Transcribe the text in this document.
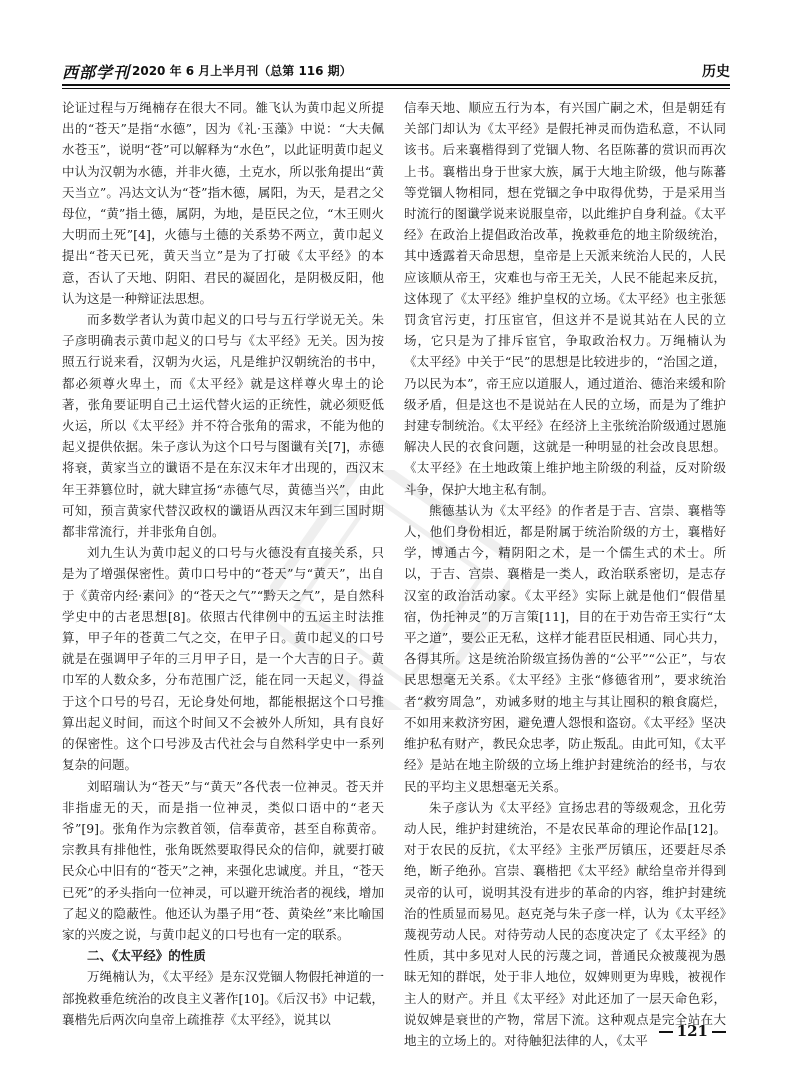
西部学刊 2020 年 6 月上半月刊（总第 116 期）	历史

论证过程与万绳楠存在很大不同。雒飞认为黄巾起义所提出的“苍天”是指“水德”，因为《礼·玉藻》中说：“大夫佩水苍玉”，说明“苍”可以解释为“水色”，以此证明黄巾起义中认为汉朝为水德，并非火德，土克水，所以张角提出“黄天当立”。冯达文认为“苍”指木德，属阳，为天，是君之父母位，“黄”指土德，属阴，为地，是臣民之位，“木王则火大明而土死”[4]，火德与土德的关系势不两立，黄巾起义提出“苍天已死，黄天当立”是为了打破《太平经》的本意，否认了天地、阴阳、君民的凝固化，是阴极反阳，他认为这是一种辩证法思想。

而多数学者认为黄巾起义的口号与五行学说无关。朱子彦明确表示黄巾起义的口号与《太平经》无关。因为按照五行说来看，汉朝为火运，凡是维护汉朝统治的书中，都必须尊火卑土，而《太平经》就是这样尊火卑土的论著，张角要证明自己土运代替火运的正统性，就必须贬低火运，所以《太平经》并不符合张角的需求，不能为他的起义提供依据。朱子彦认为这个口号与图谶有关[7]，赤德将衰，黄家当立的谶语不是在东汉末年才出现的，西汉末年王莽篡位时，就大肆宣扬“赤德气尽，黄德当兴”，由此可知，预言黄家代替汉政权的谶语从西汉末年到三国时期都非常流行，并非张角自创。

刘九生认为黄巾起义的口号与火德没有直接关系，只是为了增强保密性。黄巾口号中的“苍天”与“黄天”，出自于《黄帝内经·素问》的“苍天之气”“黔天之气”，是自然科学史中的古老思想[8]。依照古代律例中的五运主时法推算，甲子年的苍黄二气之交，在甲子日。黄巾起义的口号就是在强调甲子年的三月甲子日，是一个大吉的日子。黄巾军的人数众多，分布范围广泛，能在同一天起义，得益于这个口号的号召，无论身处何地，都能根据这个口号推算出起义时间，而这个时间又不会被外人所知，具有良好的保密性。这个口号涉及古代社会与自然科学史中一系列复杂的问题。

刘昭瑞认为“苍天”与“黄天”各代表一位神灵。苍天并非指虚无的天，而是指一位神灵，类似口语中的“老天爷”[9]。张角作为宗教首领，信奉黄帝，甚至自称黄帝。宗教具有排他性，张角既然要取得民众的信仰，就要打破民众心中旧有的“苍天”之神，来强化忠诚度。并且，“苍天已死”的矛头指向一位神灵，可以避开统治者的视线，增加了起义的隐蔽性。他还认为墨子用“苍、黄染丝”来比喻国家的兴废之说，与黄巾起义的口号也有一定的联系。

二、《太平经》的性质

万绳楠认为，《太平经》是东汉党锢人物假托神道的一部挽救垂危统治的改良主义著作[10]。《后汉书》中记载，襄楷先后两次向皇帝上疏推荐《太平经》，说其以

信奉天地、顺应五行为本，有兴国广嗣之术，但是朝廷有关部门却认为《太平经》是假托神灵而伪造私意，不认同该书。后来襄楷得到了党锢人物、名臣陈蕃的赏识而再次上书。襄楷出身于世家大族，属于大地主阶级，他与陈蕃等党锢人物相同，想在党锢之争中取得优势，于是采用当时流行的图谶学说来说服皇帝，以此维护自身利益。《太平经》在政治上提倡政治改革，挽救垂危的地主阶级统治，其中透露着天命思想，皇帝是上天派来统治人民的，人民应该顺从帝王，灾难也与帝王无关，人民不能起来反抗，这体现了《太平经》维护皇权的立场。《太平经》也主张惩罚贪官污吏，打压宦官，但这并不是说其站在人民的立场，它只是为了排斥宦官，争取政治权力。万绳楠认为《太平经》中关于“民”的思想是比较进步的，“治国之道，乃以民为本”，帝王应以道服人，通过道治、德治来缓和阶级矛盾，但是这也不是说站在人民的立场，而是为了维护封建专制统治。《太平经》在经济上主张统治阶级通过恩施解决人民的衣食问题，这就是一种明显的社会改良思想。《太平经》在土地政策上维护地主阶级的利益，反对阶级斗争，保护大地主私有制。

熊德基认为《太平经》的作者是于吉、宫崇、襄楷等人，他们身份相近，都是附属于统治阶级的方士，襄楷好学，博通古今，精阴阳之术，是一个儒生式的术士。所以，于吉、宫崇、襄楷是一类人，政治联系密切，是志存汉室的政治活动家。《太平经》实际上就是他们“假借星宿，伪托神灵”的万言策[11]，目的在于劝告帝王实行“太平之道”，要公正无私，这样才能君臣民相通、同心共力，各得其所。这是统治阶级宣扬伪善的“公平”“公正”，与农民思想毫无关系。《太平经》主张“修德省刑”，要求统治者“救穷周急”，劝诫多财的地主与其让囤积的粮食腐烂，不如用来救济穷困，避免遭人怨恨和盗窃。《太平经》坚决维护私有财产，教民众忠孝，防止叛乱。由此可知，《太平经》是站在地主阶级的立场上维护封建统治的经书，与农民的平均主义思想毫无关系。

朱子彦认为《太平经》宣扬忠君的等级观念，丑化劳动人民，维护封建统治，不是农民革命的理论作品[12]。对于农民的反抗，《太平经》主张严厉镇压，还要赶尽杀绝，断子绝孙。宫崇、襄楷把《太平经》献给皇帝并得到灵帝的认可，说明其没有进步的革命的内容，维护封建统治的性质显而易见。赵克尧与朱子彦一样，认为《太平经》蔑视劳动人民。对待劳动人民的态度决定了《太平经》的性质，其中多见对人民的污蔑之词，普通民众被蔑视为愚昧无知的群氓，处于非人地位，奴婢则更为卑贱，被视作主人的财产。并且《太平经》对此还加了一层天命色彩，说奴婢是衰世的产物，常居下流。这种观点是完全站在大地主的立场上的。对待触犯法律的人，《太平

121
